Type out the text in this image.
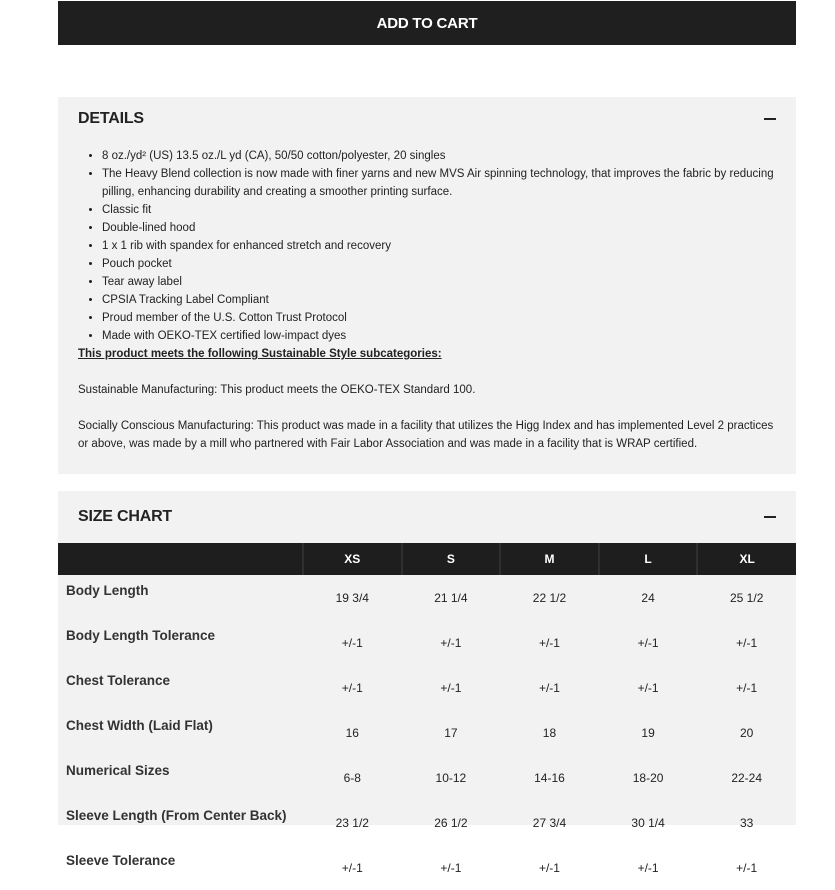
ADD TO CART
DETAILS
• 8 oz./yd² (US) 13.5 oz./L yd (CA), 50/50 cotton/polyester, 20 singles
• The Heavy Blend collection is now made with finer yarns and new MVS Air spinning technology, that improves the fabric by reducing pilling, enhancing durability and creating a smoother printing surface.
• Classic fit
• Double-lined hood
• 1 x 1 rib with spandex for enhanced stretch and recovery
• Pouch pocket
• Tear away label
• CPSIA Tracking Label Compliant
• Proud member of the U.S. Cotton Trust Protocol
• Made with OEKO-TEX certified low-impact dyes

This product meets the following Sustainable Style subcategories:

Sustainable Manufacturing: This product meets the OEKO-TEX Standard 100.

Socially Conscious Manufacturing: This product was made in a facility that utilizes the Higg Index and has implemented Level 2 practices or above, was made by a mill who partnered with Fair Labor Association and was made in a facility that is WRAP certified.

SIZE CHART
	XS	S	M	L	XL
Body Length	19 3/4	21 1/4	22 1/2	24	25 1/2
Body Length Tolerance	+/-1	+/-1	+/-1	+/-1	+/-1
Chest Tolerance	+/-1	+/-1	+/-1	+/-1	+/-1
Chest Width (Laid Flat)	16	17	18	19	20
Numerical Sizes	6-8	10-12	14-16	18-20	22-24
Sleeve Length (From Center Back)	23 1/2	26 1/2	27 3/4	30 1/4	33
Sleeve Tolerance	+/-1	+/-1	+/-1	+/-1	+/-1
